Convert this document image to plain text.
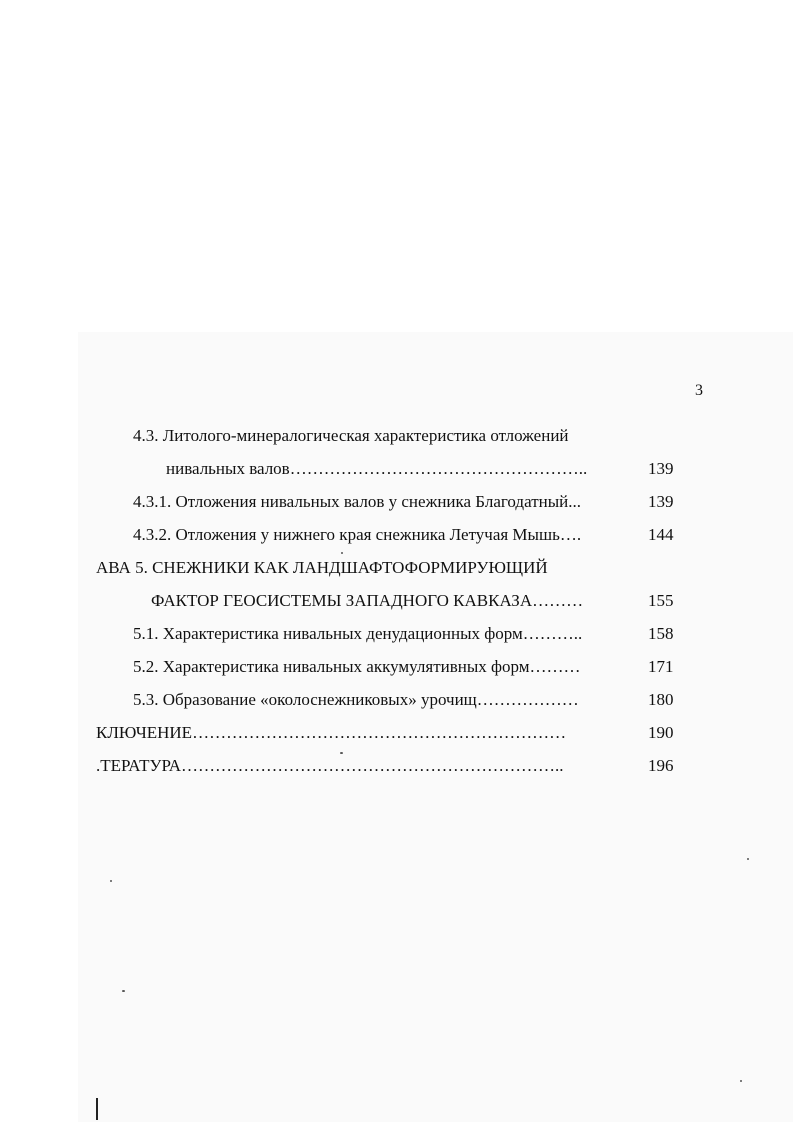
3
4.3. Литолого-минералогическая характеристика отложений
нивальных валов……………………………………………..	139
4.3.1. Отложения нивальных валов у снежника Благодатный...	139
4.3.2. Отложения у нижнего края снежника Летучая Мышь….	144
АВА 5. СНЕЖНИКИ КАК ЛАНДШАФТОФОРМИРУЮЩИЙ
ФАКТОР ГЕОСИСТЕМЫ ЗАПАДНОГО КАВКАЗА………	155
5.1. Характеристика нивальных денудационных форм………..	158
5.2. Характеристика нивальных аккумулятивных форм………	171
5.3. Образование «околоснежниковых» урочищ………………	180
КЛЮЧЕНИЕ…………………………………………………………	190
.ТЕРАТУРА…………………………………………………………..	196
